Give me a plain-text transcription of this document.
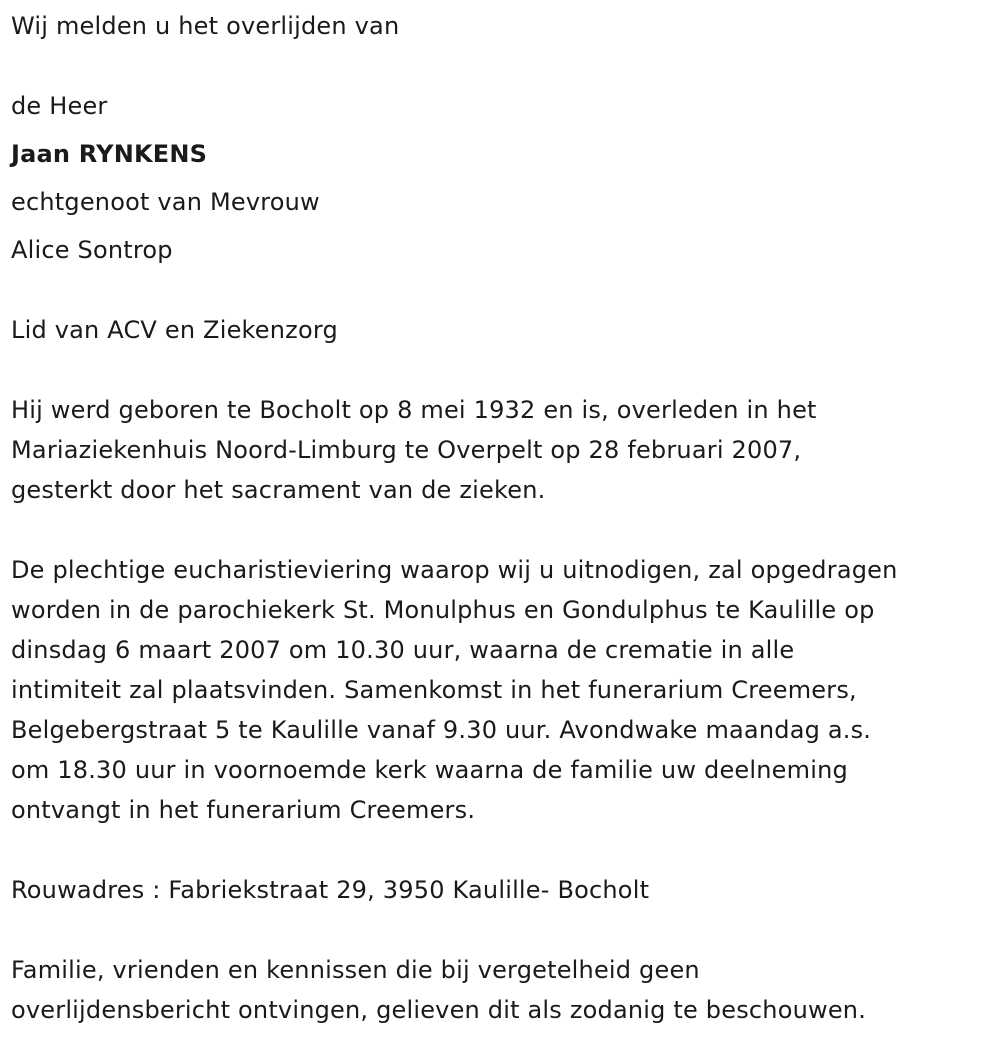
Wij melden u het overlijden van
de Heer
Jaan RYNKENS
echtgenoot van Mevrouw
Alice Sontrop
Lid van ACV en Ziekenzorg
Hij werd geboren te Bocholt op 8 mei 1932 en is, overleden in het
Mariaziekenhuis Noord-Limburg te Overpelt op 28 februari 2007,
gesterkt door het sacrament van de zieken.
De plechtige eucharistieviering waarop wij u uitnodigen, zal opgedragen
worden in de parochiekerk St. Monulphus en Gondulphus te Kaulille op
dinsdag 6 maart 2007 om 10.30 uur, waarna de crematie in alle
intimiteit zal plaatsvinden. Samenkomst in het funerarium Creemers,
Belgebergstraat 5 te Kaulille vanaf 9.30 uur. Avondwake maandag a.s.
om 18.30 uur in voornoemde kerk waarna de familie uw deelneming
ontvangt in het funerarium Creemers.
Rouwadres : Fabriekstraat 29, 3950 Kaulille- Bocholt
Familie, vrienden en kennissen die bij vergetelheid geen
overlijdensbericht ontvingen, gelieven dit als zodanig te beschouwen.
